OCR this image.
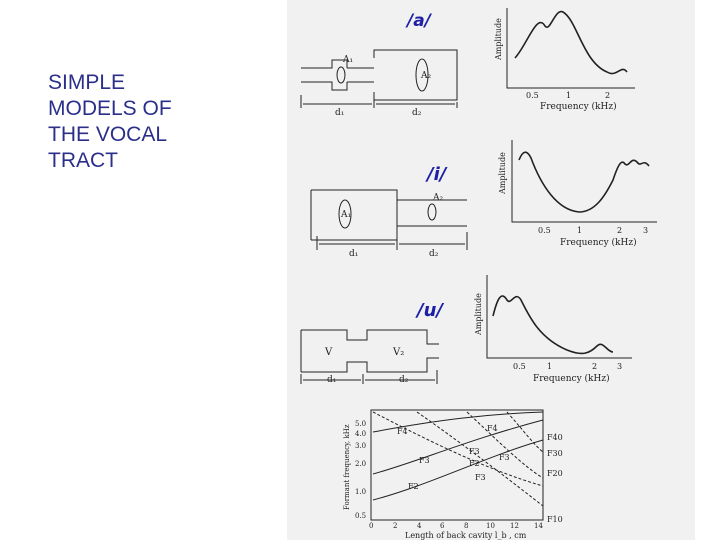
SIMPLE
MODELS OF
THE VOCAL
TRACT
/a/
A₁
A₂
d₁	d₂
Amplitude
0.5	1	2
Frequency (kHz)
/i/
A₁
A₂
d₁	d₂
Amplitude
0.5	1	2	3
Frequency (kHz)
/u/
V	V₂
d₁	d₂
Amplitude
0.5	1	2 3
Frequency (kHz)
Formant frequency, kHz
5.0
4.0
3.0
2.0
1.0
0.5
0	2	4	6	8	10 12 14
Length of back cavity l_b , cm
F4
F3
F2
F4
F3
F3
F2
F3
F40
F30
F20
F10
